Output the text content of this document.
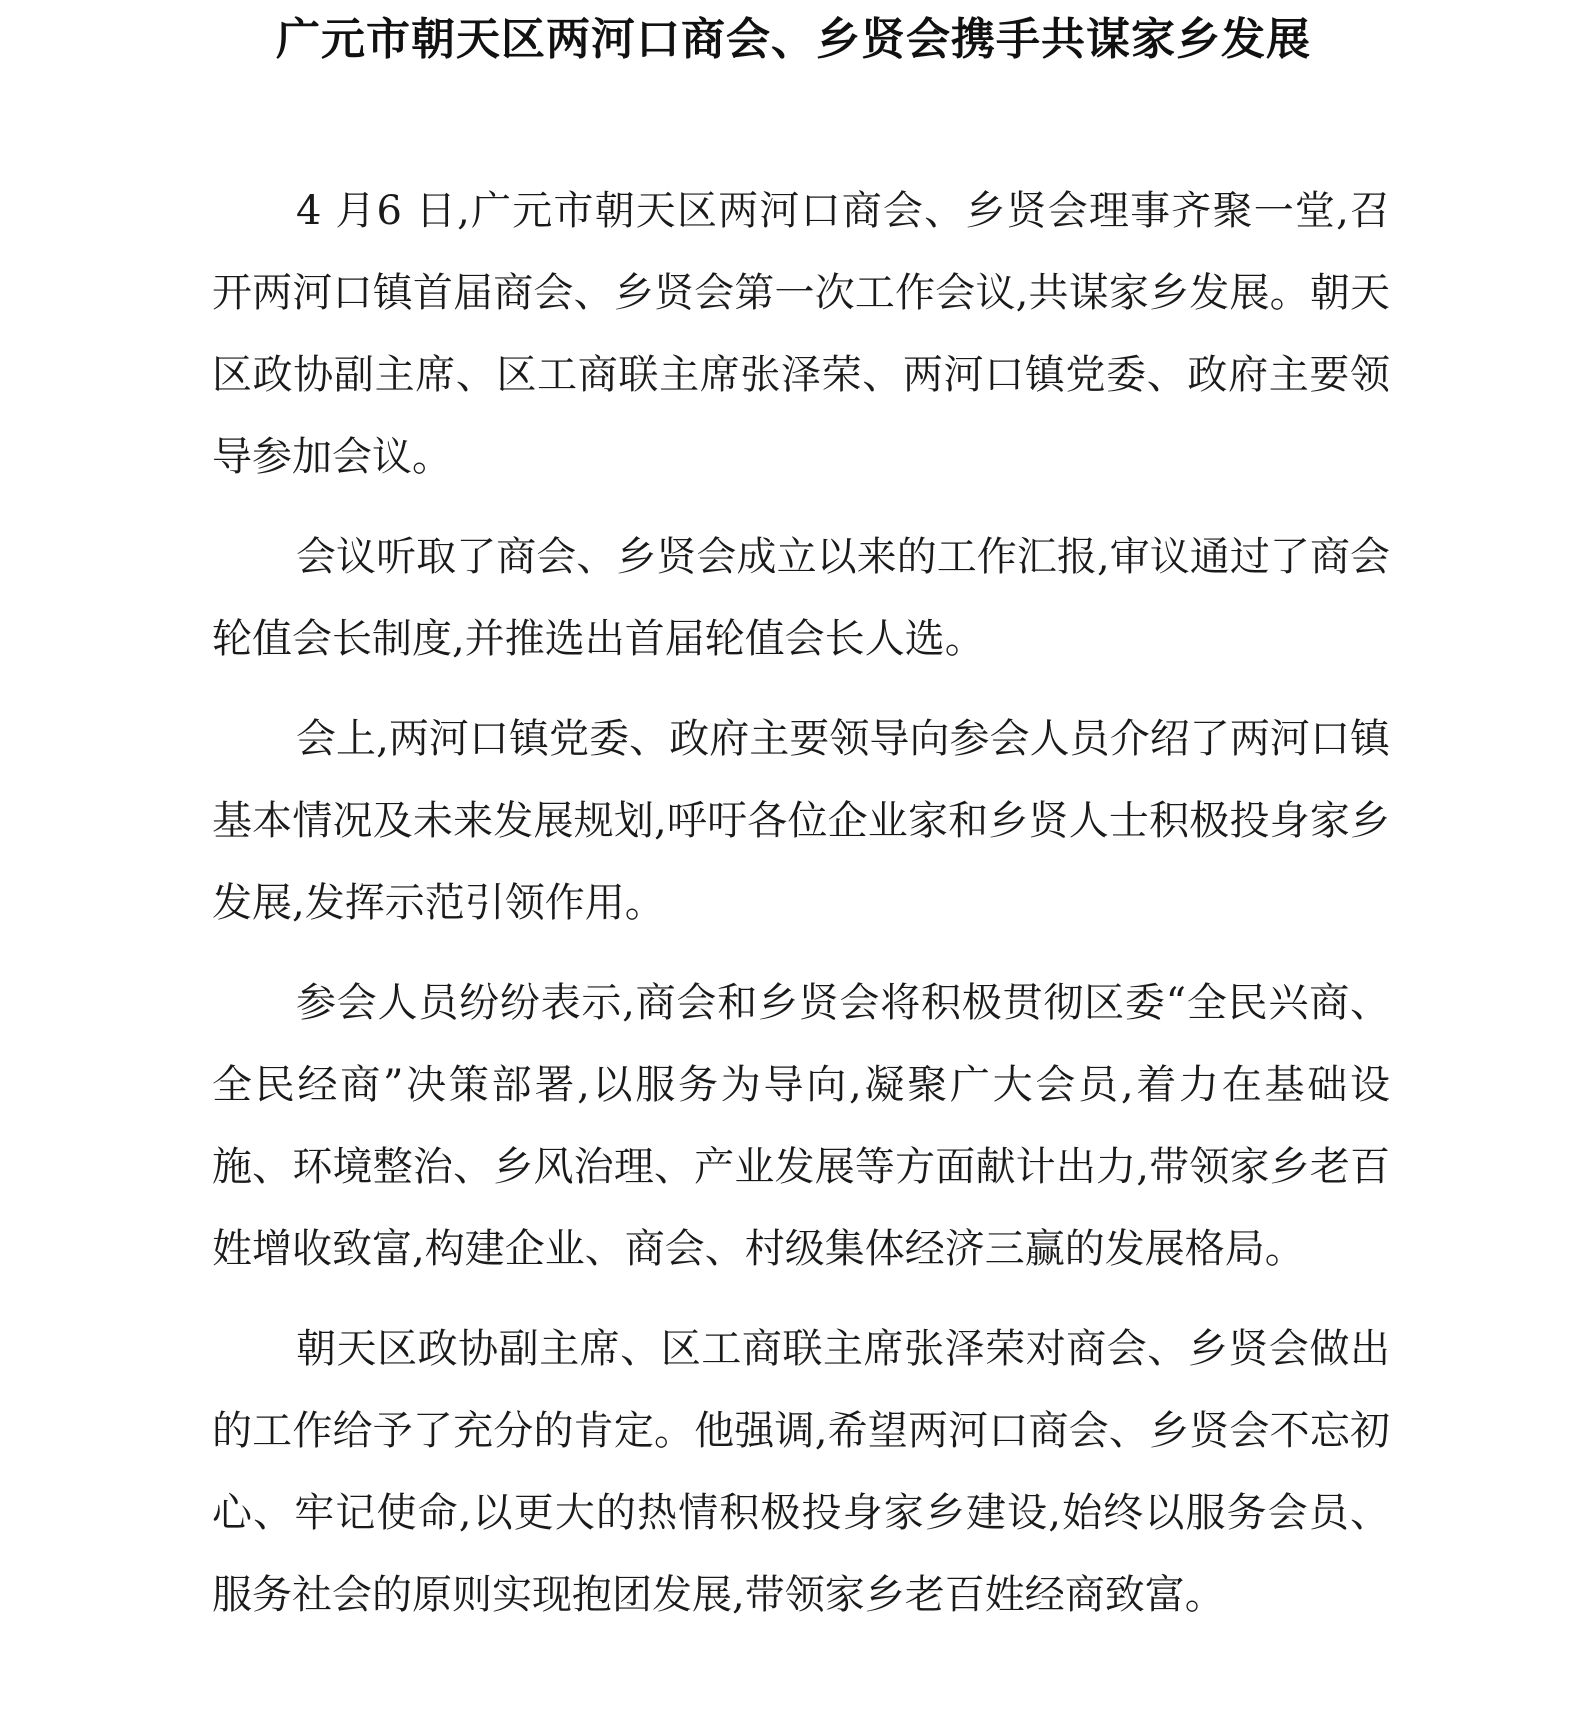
广元市朝天区两河口商会、乡贤会携手共谋家乡发展

4 月6 日,广元市朝天区两河口商会、乡贤会理事齐聚一堂,召开两河口镇首届商会、乡贤会第一次工作会议,共谋家乡发展。朝天区政协副主席、区工商联主席张泽荣、两河口镇党委、政府主要领导参加会议。

会议听取了商会、乡贤会成立以来的工作汇报,审议通过了商会轮值会长制度,并推选出首届轮值会长人选。

会上,两河口镇党委、政府主要领导向参会人员介绍了两河口镇基本情况及未来发展规划,呼吁各位企业家和乡贤人士积极投身家乡发展,发挥示范引领作用。

参会人员纷纷表示,商会和乡贤会将积极贯彻区委“全民兴商、全民经商”决策部署,以服务为导向,凝聚广大会员,着力在基础设施、环境整治、乡风治理、产业发展等方面献计出力,带领家乡老百姓增收致富,构建企业、商会、村级集体经济三赢的发展格局。

朝天区政协副主席、区工商联主席张泽荣对商会、乡贤会做出的工作给予了充分的肯定。他强调,希望两河口商会、乡贤会不忘初心、牢记使命,以更大的热情积极投身家乡建设,始终以服务会员、服务社会的原则实现抱团发展,带领家乡老百姓经商致富。
